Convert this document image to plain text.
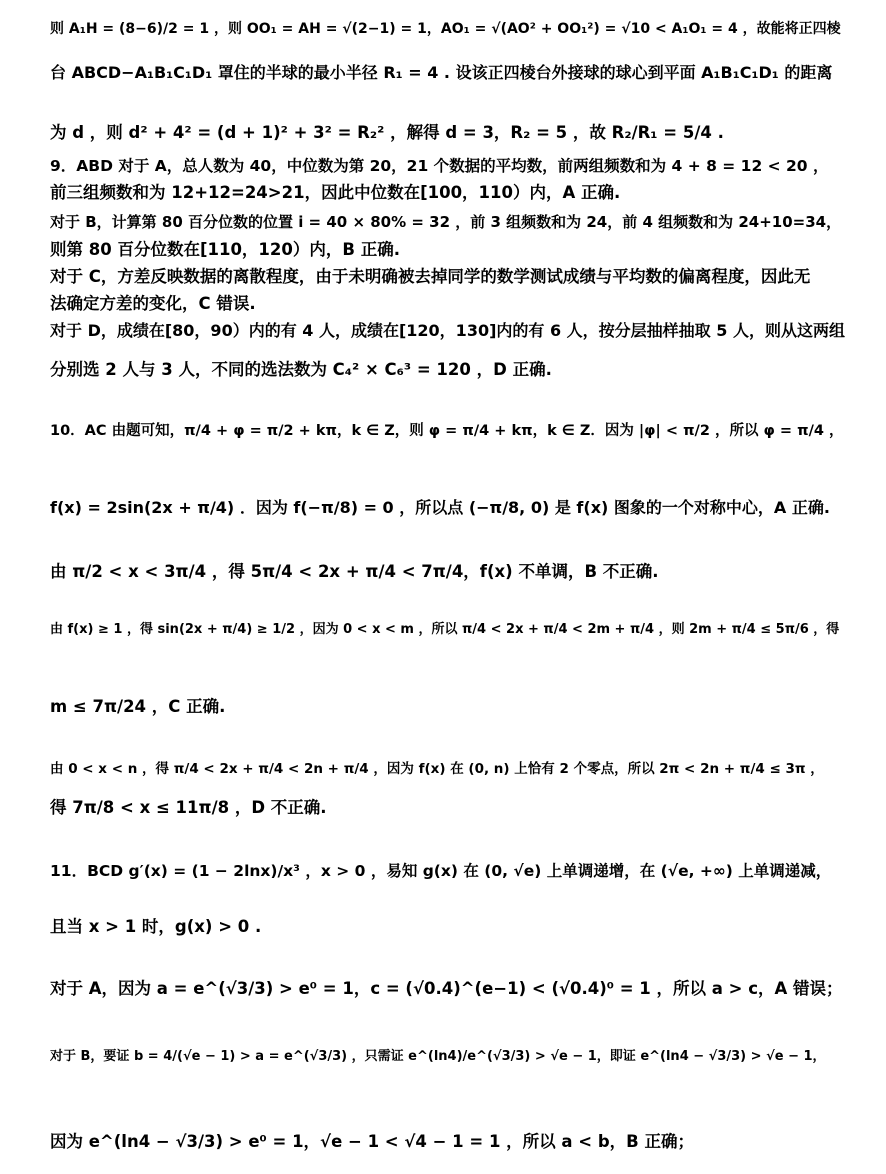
则 A₁H = (8−6)/2 = 1 ，则 OO₁ = AH = √(2−1) = 1，AO₁ = √(AO² + OO₁²) = √10 < A₁O₁ = 4 ，故能将正四棱
台 ABCD−A₁B₁C₁D₁ 罩住的半球的最小半径 R₁ = 4 . 设该正四棱台外接球的球心到平面 A₁B₁C₁D₁ 的距离
为 d ，则 d² + 4² = (d + 1)² + 3² = R₂² ，解得 d = 3，R₂ = 5 ，故 R₂/R₁ = 5/4 .
9．ABD 对于 A，总人数为 40，中位数为第 20，21 个数据的平均数，前两组频数和为 4 + 8 = 12 < 20 ，
前三组频数和为 12+12=24>21，因此中位数在[100，110）内，A 正确.
对于 B，计算第 80 百分位数的位置 i = 40 × 80% = 32 ，前 3 组频数和为 24，前 4 组频数和为 24+10=34，
则第 80 百分位数在[110，120）内，B 正确.
对于 C，方差反映数据的离散程度，由于未明确被去掉同学的数学测试成绩与平均数的偏离程度，因此无
法确定方差的变化，C 错误.
对于 D，成绩在[80，90）内的有 4 人，成绩在[120，130]内的有 6 人，按分层抽样抽取 5 人，则从这两组
分别选 2 人与 3 人，不同的选法数为 C₄² × C₆³ = 120 ，D 正确.
10．AC 由题可知，π/4 + φ = π/2 + kπ，k ∈ Z，则 φ = π/4 + kπ，k ∈ Z．因为 |φ| < π/2 ，所以 φ = π/4 ，
f(x) = 2sin(2x + π/4) ．因为 f(−π/8) = 0 ，所以点 (−π/8, 0) 是 f(x) 图象的一个对称中心，A 正确.
由 π/2 < x < 3π/4 ，得 5π/4 < 2x + π/4 < 7π/4，f(x) 不单调，B 不正确.
由 f(x) ≥ 1 ，得 sin(2x + π/4) ≥ 1/2 ，因为 0 < x < m ，所以 π/4 < 2x + π/4 < 2m + π/4 ，则 2m + π/4 ≤ 5π/6 ，得
m ≤ 7π/24 ，C 正确.
由 0 < x < n ，得 π/4 < 2x + π/4 < 2n + π/4 ，因为 f(x) 在 (0, n) 上恰有 2 个零点，所以 2π < 2n + π/4 ≤ 3π ，
得 7π/8 < x ≤ 11π/8 ，D 不正确.
11．BCD g′(x) = (1 − 2lnx)/x³ ，x > 0 ，易知 g(x) 在 (0, √e) 上单调递增，在 (√e, +∞) 上单调递减，
且当 x > 1 时，g(x) > 0 .
对于 A，因为 a = e^(√3/3) > e⁰ = 1，c = (√0.4)^(e−1) < (√0.4)⁰ = 1 ，所以 a > c，A 错误；
对于 B，要证 b = 4/(√e − 1) > a = e^(√3/3) ，只需证 e^(ln4)/e^(√3/3) > √e − 1，即证 e^(ln4 − √3/3) > √e − 1，
因为 e^(ln4 − √3/3) > e⁰ = 1，√e − 1 < √4 − 1 = 1 ，所以 a < b，B 正确；
